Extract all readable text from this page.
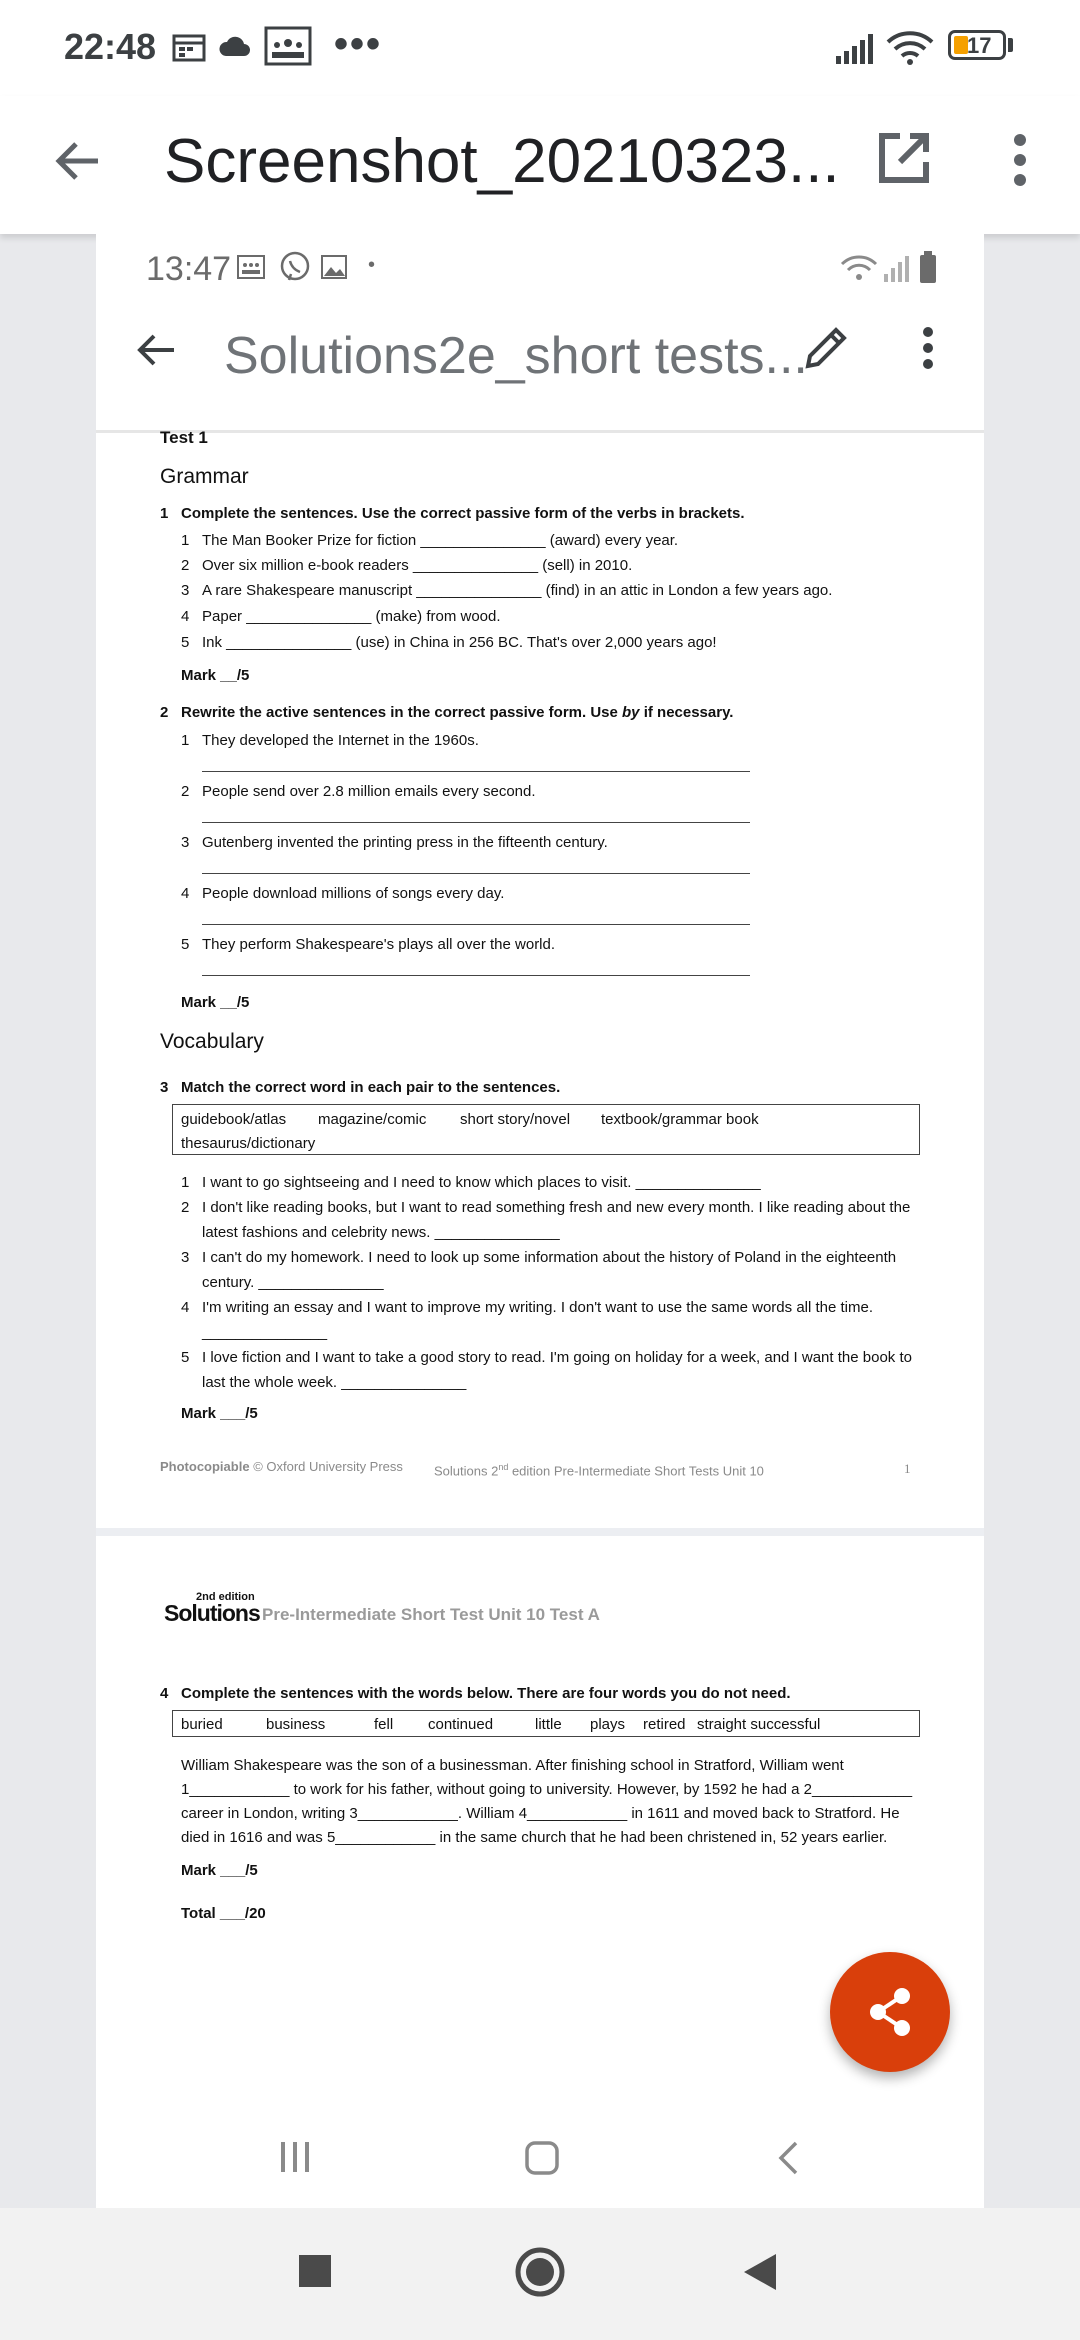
22:48	•••	17
Screenshot_20210323...
13:47	•
Solutions2e_short tests...
Test 1
Grammar
1 Complete the sentences. Use the correct passive form of the verbs in brackets.
1 The Man Booker Prize for fiction _______________ (award) every year.
2 Over six million e-book readers _______________ (sell) in 2010.
3 A rare Shakespeare manuscript _______________ (find) in an attic in London a few years ago.
4 Paper _______________ (make) from wood.
5 Ink _______________ (use) in China in 256 BC. That's over 2,000 years ago!
Mark __/5
2 Rewrite the active sentences in the correct passive form. Use by if necessary.
1 They developed the Internet in the 1960s.
2 People send over 2.8 million emails every second.
3 Gutenberg invented the printing press in the fifteenth century.
4 People download millions of songs every day.
5 They perform Shakespeare's plays all over the world.
Mark __/5
Vocabulary
3 Match the correct word in each pair to the sentences.
guidebook/atlas magazine/comic short story/novel textbook/grammar book
thesaurus/dictionary
1 I want to go sightseeing and I need to know which places to visit. _______________
2 I don't like reading books, but I want to read something fresh and new every month. I like reading about the
latest fashions and celebrity news. _______________
3 I can't do my homework. I need to look up some information about the history of Poland in the eighteenth
century. _______________
4 I'm writing an essay and I want to improve my writing. I don't want to use the same words all the time.
_______________
5 I love fiction and I want to take a good story to read. I'm going on holiday for a week, and I want the book to
last the whole week. _______________
Mark ___/5
Photocopiable © Oxford University Press Solutions 2nd edition Pre-Intermediate Short Tests Unit 10	1
2nd edition
Solutions Pre-Intermediate Short Test Unit 10 Test A
4 Complete the sentences with the words below. There are four words you do not need.
buried	business	fell continued	little plays retired straight successful
William Shakespeare was the son of a businessman. After finishing school in Stratford, William went
1____________ to work for his father, without going to university. However, by 1592 he had a 2____________
career in London, writing 3____________. William 4____________ in 1611 and moved back to Stratford. He
died in 1616 and was 5____________ in the same church that he had been christened in, 52 years earlier.
Mark ___/5
Total ___/20
